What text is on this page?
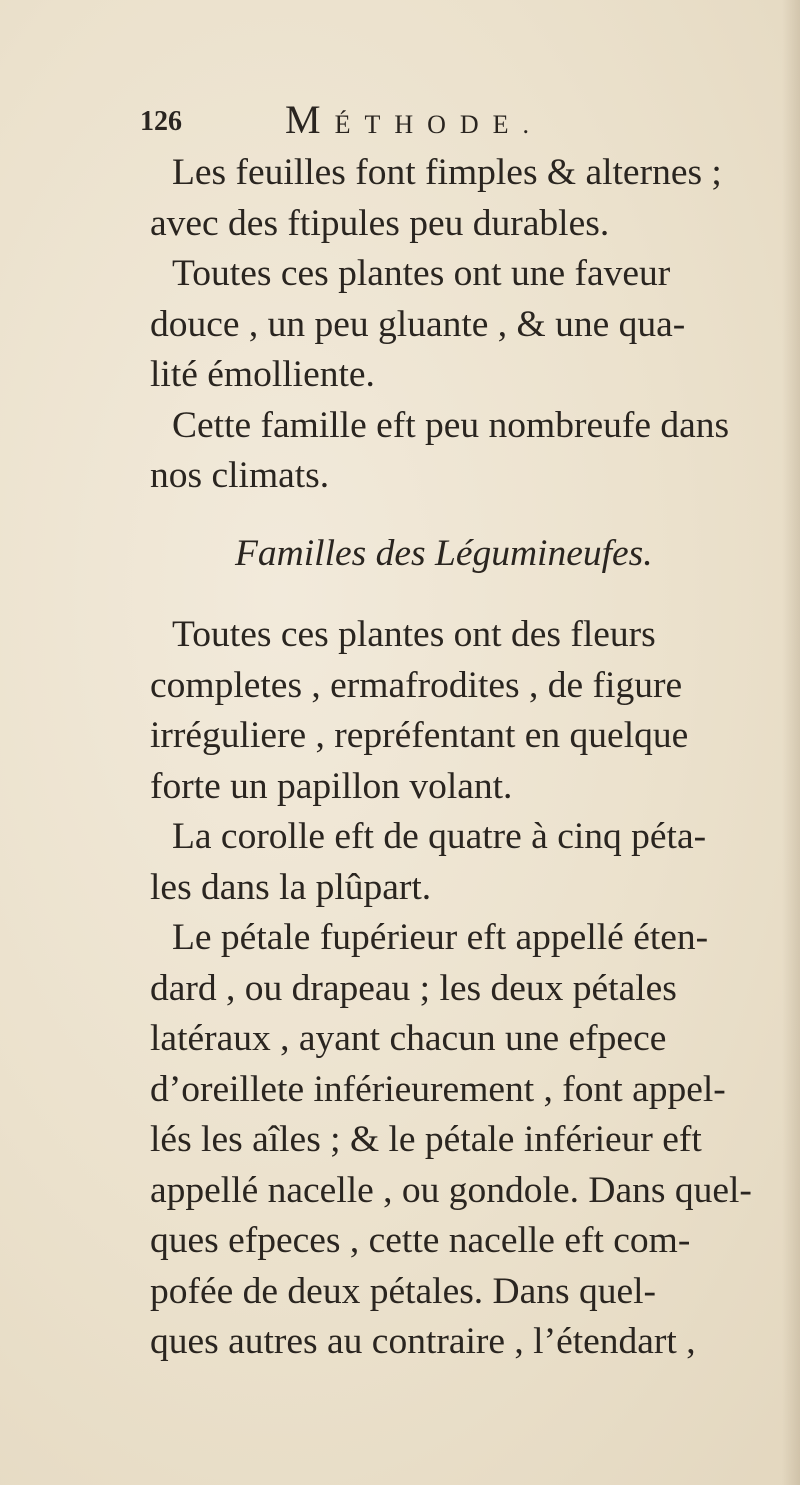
126	MÉTHODE.
Les feuilles font fimples & alternes ;
avec des ftipules peu durables.
Toutes ces plantes ont une faveur
douce , un peu gluante , & une qua-
lité émolliente.
Cette famille eft peu nombreufe dans
nos climats.
Familles des Légumineufes.
Toutes ces plantes ont des fleurs
completes , ermafrodites , de figure
irréguliere , repréfentant en quelque
forte un papillon volant.
La corolle eft de quatre à cinq péta-
les dans la plûpart.
Le pétale fupérieur eft appellé éten-
dard , ou drapeau ; les deux pétales
latéraux , ayant chacun une efpece
d’oreillete inférieurement , font appel-
lés les aîles ; & le pétale inférieur eft
appellé nacelle , ou gondole. Dans quel-
ques efpeces , cette nacelle eft com-
pofée de deux pétales. Dans quel-
ques autres au contraire , l’étendart ,
